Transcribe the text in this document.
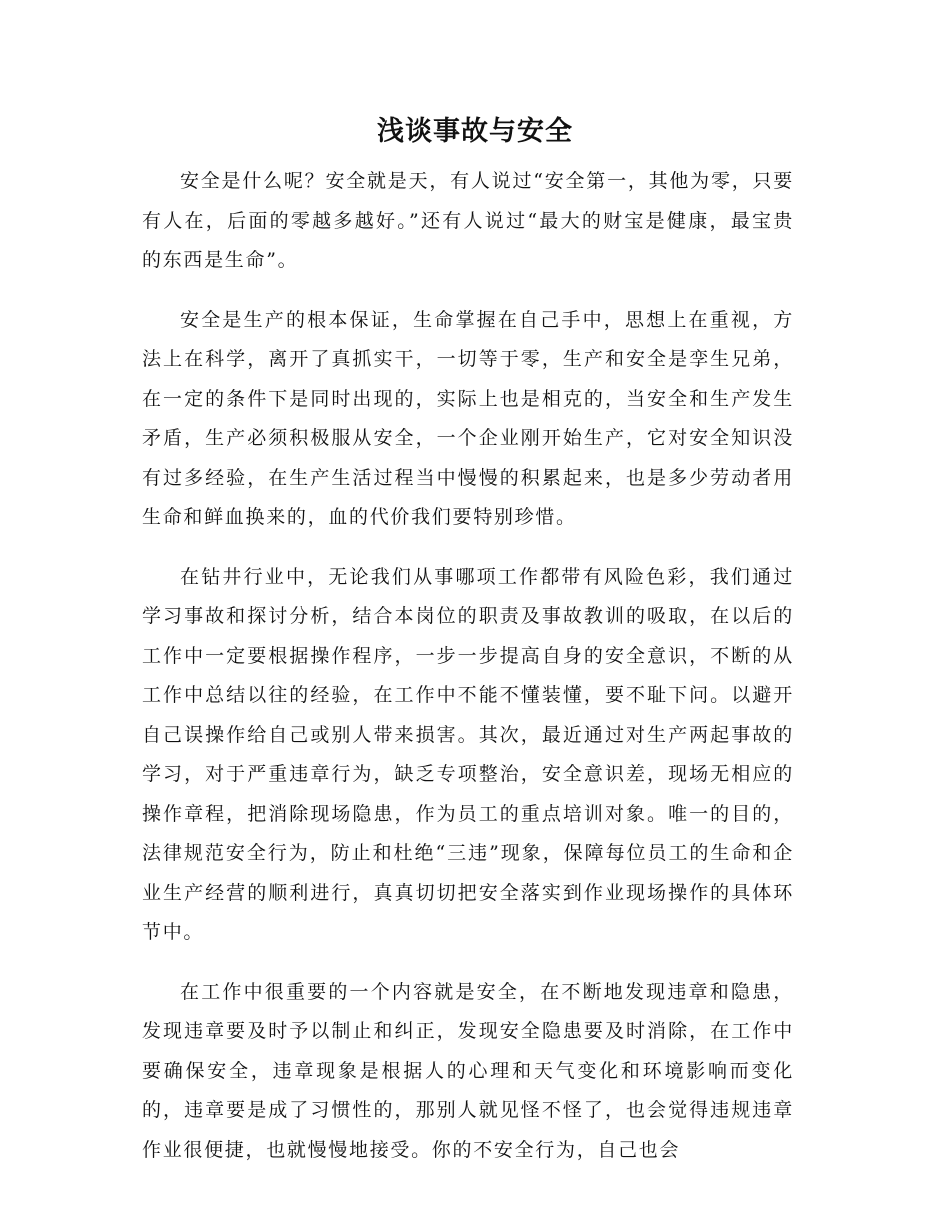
浅谈事故与安全

安全是什么呢？安全就是天，有人说过“安全第一，其他为零，只要有人在，后面的零越多越好。”还有人说过“最大的财宝是健康，最宝贵的东西是生命”。

安全是生产的根本保证，生命掌握在自己手中，思想上在重视，方法上在科学，离开了真抓实干，一切等于零，生产和安全是孪生兄弟，在一定的条件下是同时出现的，实际上也是相克的，当安全和生产发生矛盾，生产必须积极服从安全，一个企业刚开始生产，它对安全知识没有过多经验，在生产生活过程当中慢慢的积累起来，也是多少劳动者用生命和鲜血换来的，血的代价我们要特别珍惜。

在钻井行业中，无论我们从事哪项工作都带有风险色彩，我们通过学习事故和探讨分析，结合本岗位的职责及事故教训的吸取，在以后的工作中一定要根据操作程序，一步一步提高自身的安全意识，不断的从工作中总结以往的经验，在工作中不能不懂装懂，要不耻下问。以避开自己误操作给自己或别人带来损害。其次，最近通过对生产两起事故的学习，对于严重违章行为，缺乏专项整治，安全意识差，现场无相应的操作章程，把消除现场隐患，作为员工的重点培训对象。唯一的目的，法律规范安全行为，防止和杜绝“三违”现象，保障每位员工的生命和企业生产经营的顺利进行，真真切切把安全落实到作业现场操作的具体环节中。

在工作中很重要的一个内容就是安全，在不断地发现违章和隐患，发现违章要及时予以制止和纠正，发现安全隐患要及时消除，在工作中要确保安全，违章现象是根据人的心理和天气变化和环境影响而变化的，违章要是成了习惯性的，那别人就见怪不怪了，也会觉得违规违章作业很便捷，也就慢慢地接受。你的不安全行为，自己也会
